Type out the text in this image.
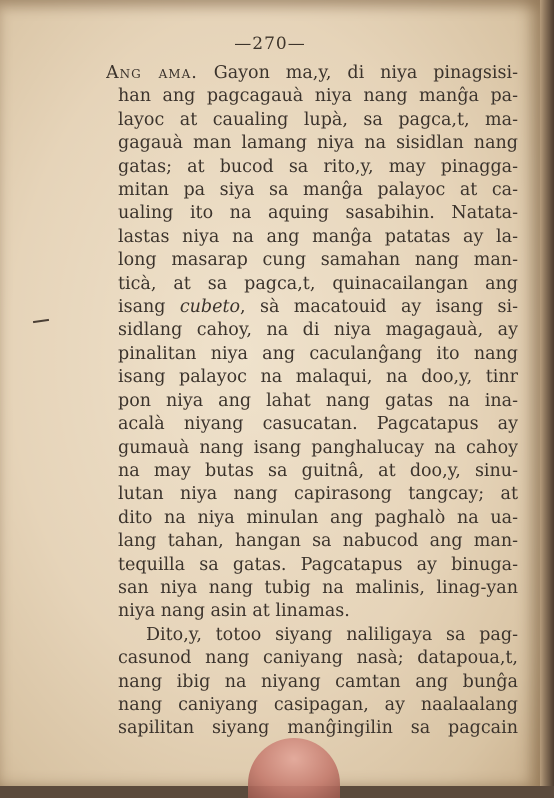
—270—
Ang ama. Gayon ma,y, di niya pinagsisi-
han ang pagcagauà niya nang manĝa pa-
layoc at caualing lupà, sa pagca,t, ma-
gagauà man lamang niya na sisidlan nang
gatas; at bucod sa rito,y, may pinagga-
mitan pa siya sa manĝa palayoc at ca-
ualing ito na aquing sasabihin. Natata-
lastas niya na ang manĝa patatas ay la-
long masarap cung samahan nang man-
ticà, at sa pagca,t, quinacailangan ang
isang cubeto, sà macatouid ay isang si-
sidlang cahoy, na di niya magagauà, ay
pinalitan niya ang caculanĝang ito nang
isang palayoc na malaqui, na doo,y, tinr
pon niya ang lahat nang gatas na ina-
acalà niyang casucatan. Pagcatapus ay
gumauà nang isang panghalucay na cahoy
na may butas sa guitnâ, at doo,y, sinu-
lutan niya nang capirasong tangcay; at
dito na niya minulan ang paghalò na ua-
lang tahan, hangan sa nabucod ang man-
tequilla sa gatas. Pagcatapus ay binuga-
san niya nang tubig na malinis, linag-yan
niya nang asin at linamas.
Dito,y, totoo siyang naliligaya sa pag-
casunod nang caniyang nasà; datapoua,t,
nang ibig na niyang camtan ang bunĝa
nang caniyang casipagan, ay naalaalang
sapilitan siyang manĝingilin sa pagcain
